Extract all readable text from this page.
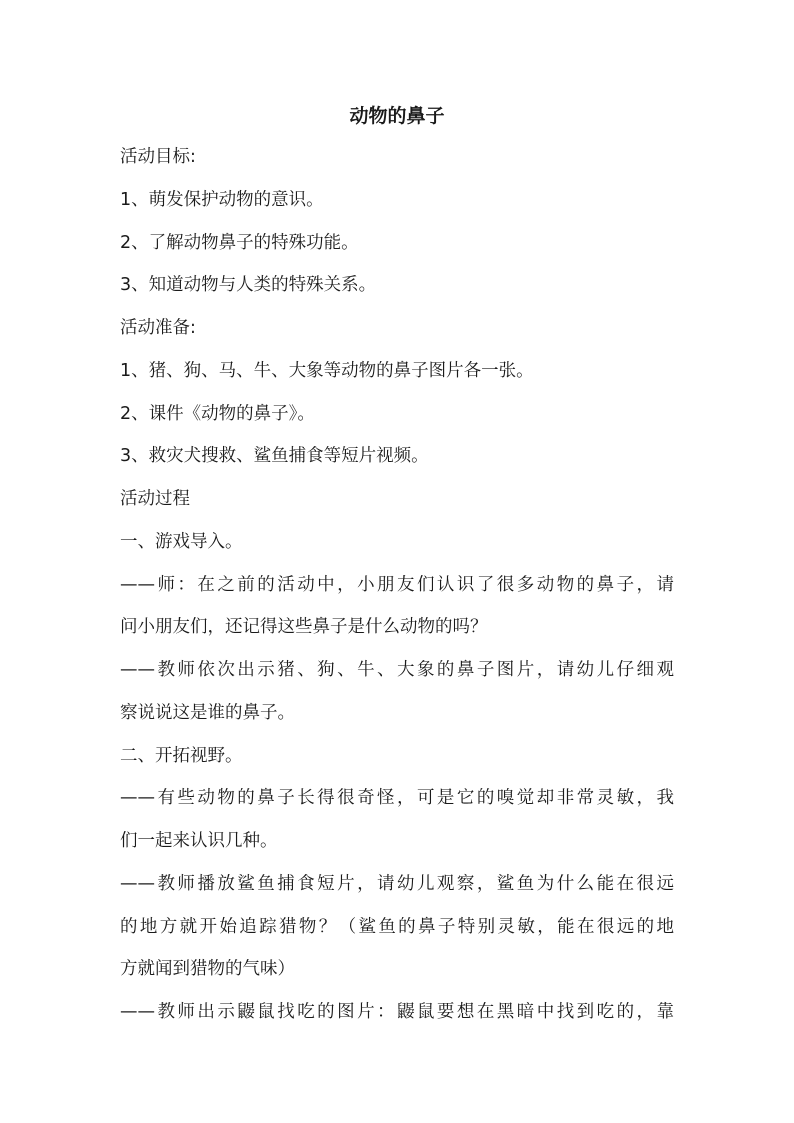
动物的鼻子
活动目标:
1、萌发保护动物的意识。
2、了解动物鼻子的特殊功能。
3、知道动物与人类的特殊关系。
活动准备:
1、猪、狗、马、牛、大象等动物的鼻子图片各一张。
2、课件《动物的鼻子》。
3、救灾犬搜救、鲨鱼捕食等短片视频。
活动过程
一、游戏导入。
——师：在之前的活动中，小朋友们认识了很多动物的鼻子，请
问小朋友们，还记得这些鼻子是什么动物的吗？
——教师依次出示猪、狗、牛、大象的鼻子图片，请幼儿仔细观
察说说这是谁的鼻子。
二、开拓视野。
——有些动物的鼻子长得很奇怪，可是它的嗅觉却非常灵敏，我
们一起来认识几种。
——教师播放鲨鱼捕食短片，请幼儿观察，鲨鱼为什么能在很远
的地方就开始追踪猎物？（鲨鱼的鼻子特别灵敏，能在很远的地
方就闻到猎物的气味）
——教师出示鼹鼠找吃的图片：鼹鼠要想在黑暗中找到吃的，靠
